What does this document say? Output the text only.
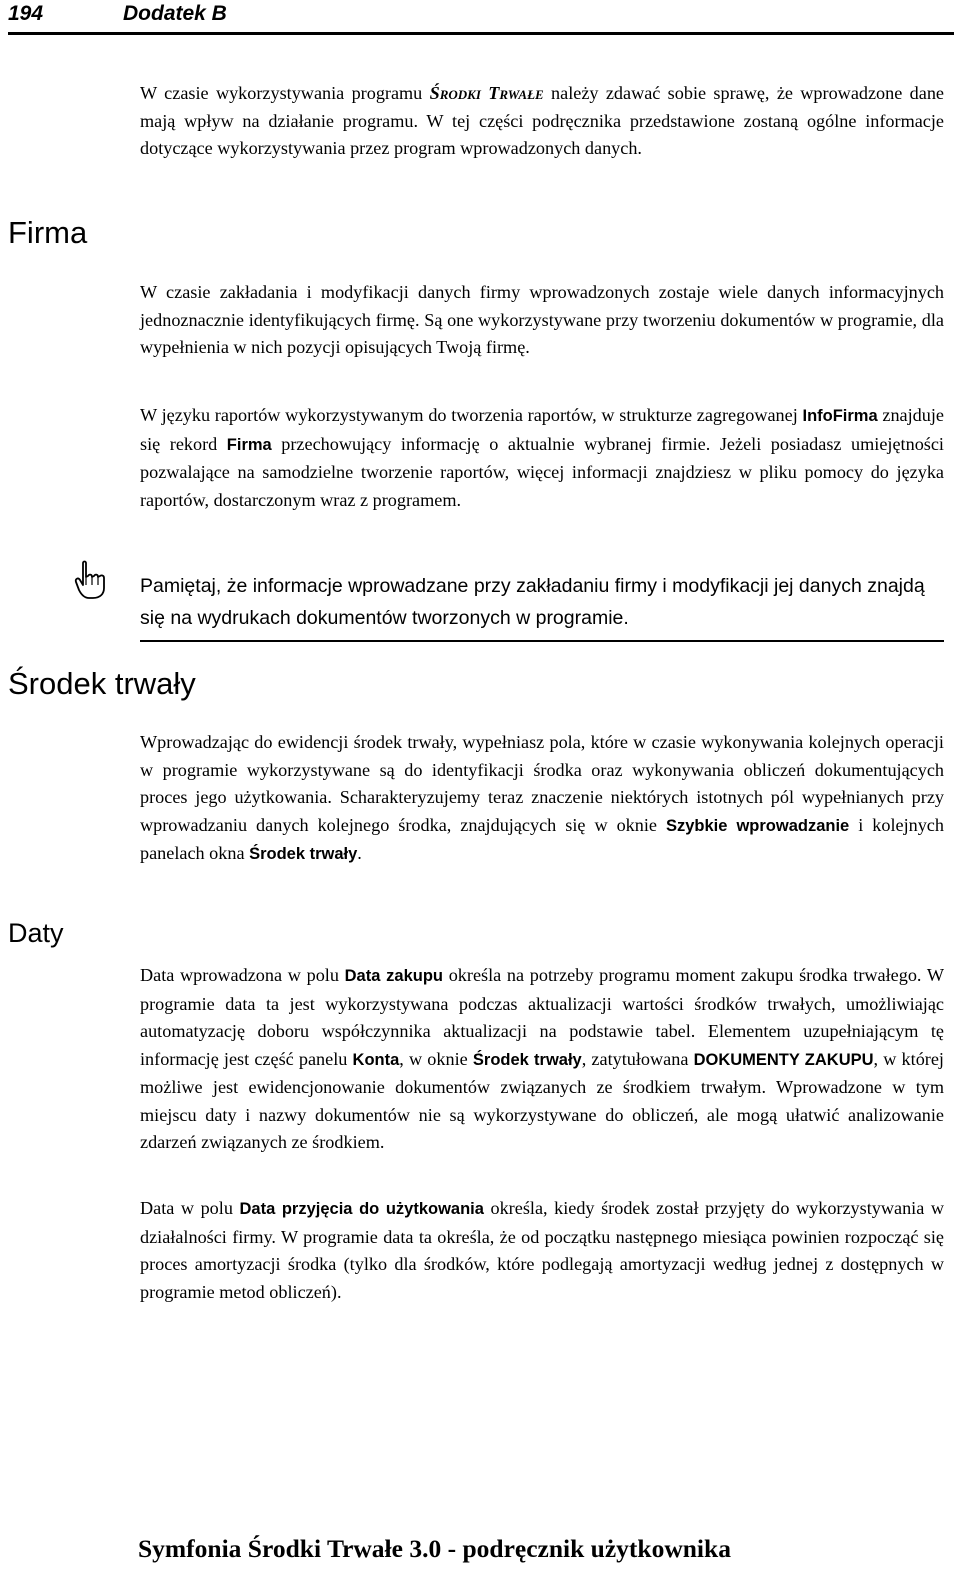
194	Dodatek B

W czasie wykorzystywania programu Środki Trwałe należy zdawać sobie sprawę, że wprowadzone dane mają wpływ na działanie programu. W tej części podręcznika przedstawione zostaną ogólne informacje dotyczące wykorzystywania przez program wprowadzonych danych.

Firma

W czasie zakładania i modyfikacji danych firmy wprowadzonych zostaje wiele danych informacyjnych jednoznacznie identyfikujących firmę. Są one wykorzystywane przy tworzeniu dokumentów w programie, dla wypełnienia w nich pozycji opisujących Twoją firmę.

W języku raportów wykorzystywanym do tworzenia raportów, w strukturze zagregowanej InfoFirma znajduje się rekord Firma przechowujący informację o aktualnie wybranej firmie. Jeżeli posiadasz umiejętności pozwalające na samodzielne tworzenie raportów, więcej informacji znajdziesz w pliku pomocy do języka raportów, dostarczonym wraz z programem.

Pamiętaj, że informacje wprowadzane przy zakładaniu firmy i modyfikacji jej danych znajdą się na wydrukach dokumentów tworzonych w programie.

Środek trwały

Wprowadzając do ewidencji środek trwały, wypełniasz pola, które w czasie wykonywania kolejnych operacji w programie wykorzystywane są do identyfikacji środka oraz wykonywania obliczeń dokumentujących proces jego użytkowania. Scharakteryzujemy teraz znaczenie niektórych istotnych pól wypełnianych przy wprowadzaniu danych kolejnego środka, znajdujących się w oknie Szybkie wprowadzanie i kolejnych panelach okna Środek trwały.

Daty

Data wprowadzona w polu Data zakupu określa na potrzeby programu moment zakupu środka trwałego. W programie data ta jest wykorzystywana podczas aktualizacji wartości środków trwałych, umożliwiając automatyzację doboru współczynnika aktualizacji na podstawie tabel. Elementem uzupełniającym tę informację jest część panelu Konta, w oknie Środek trwały, zatytułowana DOKUMENTY ZAKUPU, w której możliwe jest ewidencjonowanie dokumentów związanych ze środkiem trwałym. Wprowadzone w tym miejscu daty i nazwy dokumentów nie są wykorzystywane do obliczeń, ale mogą ułatwić analizowanie zdarzeń związanych ze środkiem.

Data w polu Data przyjęcia do użytkowania określa, kiedy środek został przyjęty do wykorzystywania w działalności firmy. W programie data ta określa, że od początku następnego miesiąca powinien rozpocząć się proces amortyzacji środka (tylko dla środków, które podlegają amortyzacji według jednej z dostępnych w programie metod obliczeń).

Symfonia Środki Trwałe 3.0 - podręcznik użytkownika
